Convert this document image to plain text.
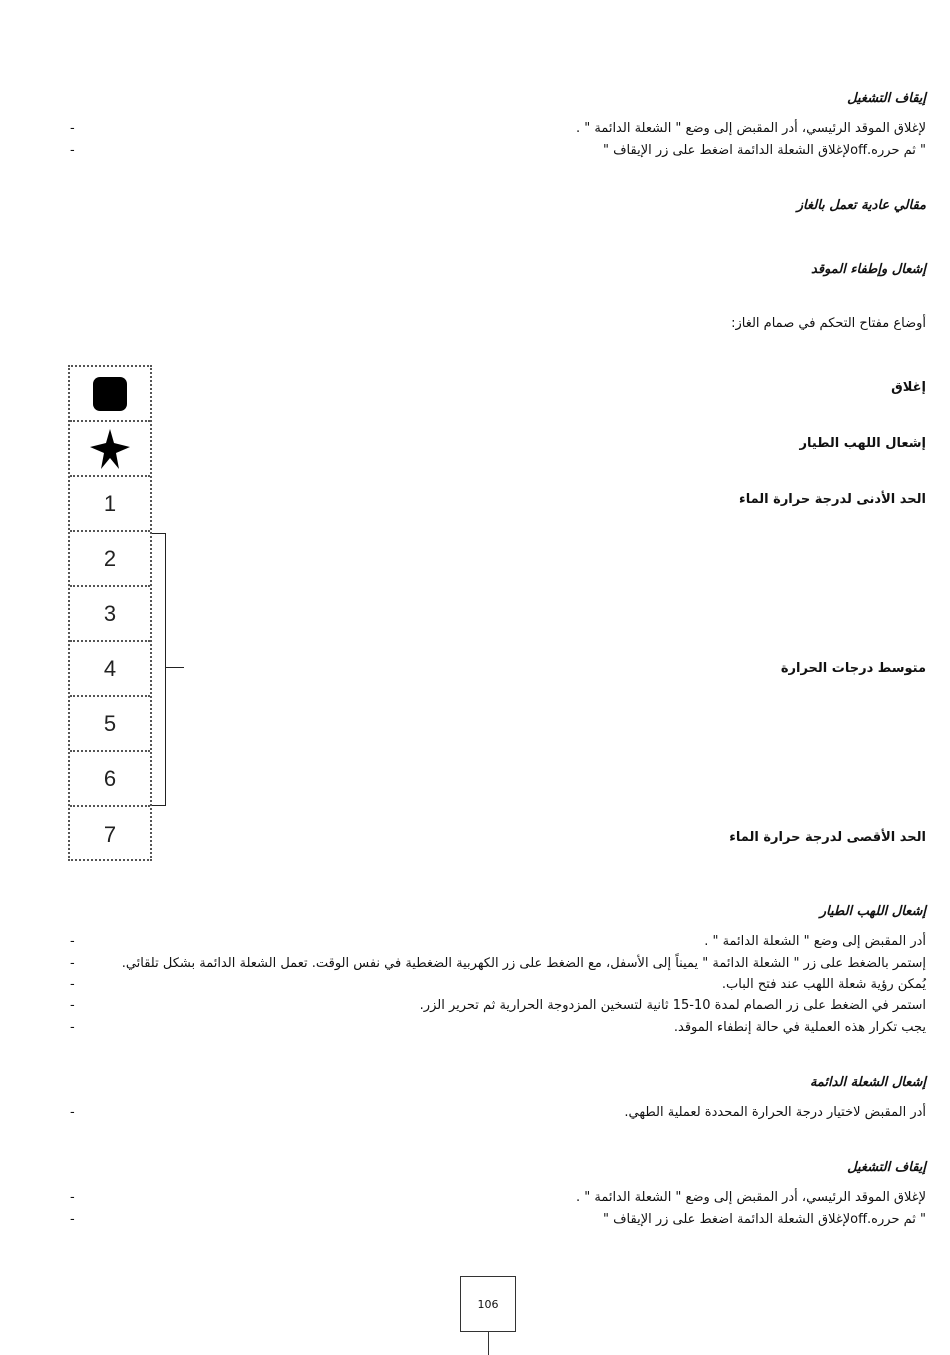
إيقاف التشغيل
لإغلاق الموقد الرئيسي، أدر المقبض إلى وضع " الشعلة الدائمة " .
-
" ثم حرره.offلإغلاق الشعلة الدائمة اضغط على زر الإيقاف "
-
مقالي عادية تعمل بالغاز
إشعال وإطفاء الموقد
أوضاع مفتاح التحكم في صمام الغاز:
1
2
3
4
5
6
7
إغلاق
إشعال اللهب الطيار
الحد الأدنى لدرجة حرارة الماء
متوسط درجات الحرارة
الحد الأقصى لدرجة حرارة الماء
إشعال اللهب الطيار
أدر المقبض إلى وضع " الشعلة الدائمة " .
-
إستمر بالضغط على زر " الشعلة الدائمة " يميناً إلى الأسفل، مع الضغط على زر الكهربية الضغطية في نفس الوقت. تعمل الشعلة الدائمة بشكل تلقائي.
-
يُمكن رؤية شعلة اللهب عند فتح الباب.
-
استمر في الضغط على زر الصمام لمدة 10-15 ثانية لتسخين المزدوجة الحرارية ثم تحرير الزر.
-
يجب تكرار هذه العملية في حالة إنطفاء الموقد.
-
إشعال الشعلة الدائمة
أدر المقبض لاختيار درجة الحرارة المحددة لعملية الطهي.
-
إيقاف التشغيل
لإغلاق الموقد الرئيسي، أدر المقبض إلى وضع " الشعلة الدائمة " .
-
" ثم حرره.offلإغلاق الشعلة الدائمة اضغط على زر الإيقاف "
-
106
